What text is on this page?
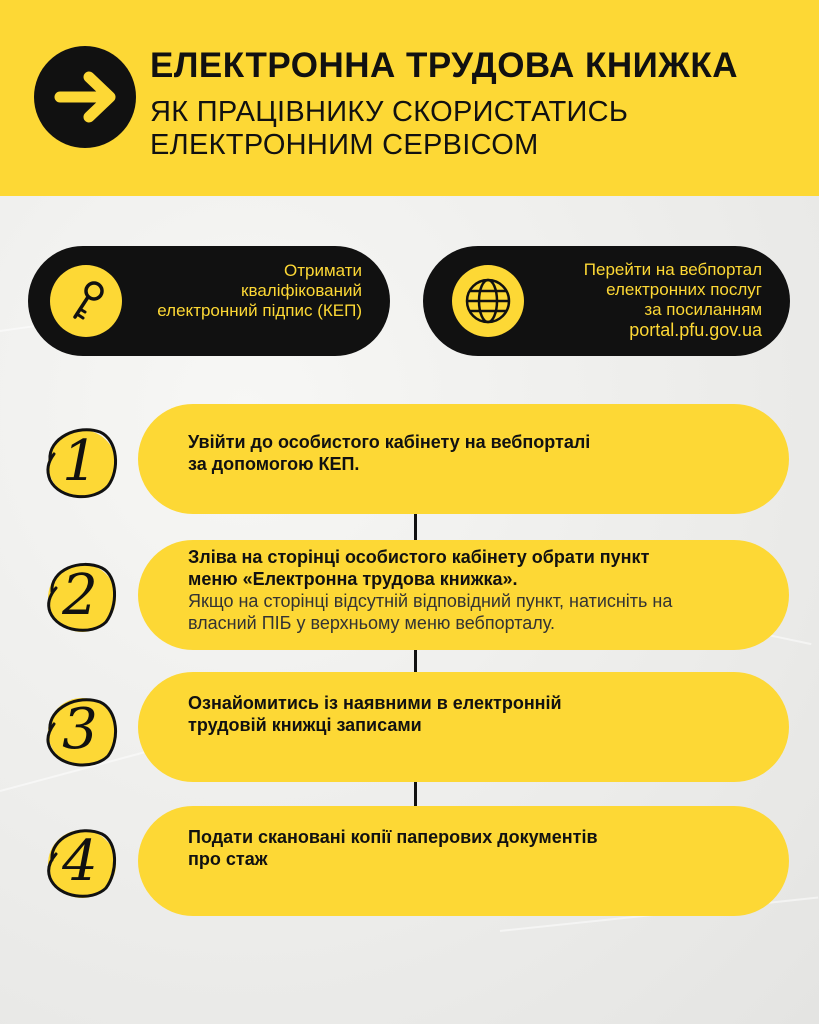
ЕЛЕКТРОННА ТРУДОВА КНИЖКА
ЯК ПРАЦІВНИКУ СКОРИСТАТИСЬ
ЕЛЕКТРОННИМ СЕРВІСОМ
Отримати
кваліфікований
електронний підпис (КЕП)
Перейти на вебпортал
електронних послуг
за посиланням
portal.pfu.gov.ua
Увійти до особистого кабінету на вебпорталі
за допомогою КЕП.
1
Зліва на сторінці особистого кабінету обрати пункт
меню «Електронна трудова книжка».
Якщо на сторінці відсутній відповідний пункт, натисніть на
власний ПІБ у верхньому меню вебпорталу.
2
Ознайомитись із наявними в електронній
трудовій книжці записами
3
Подати скановані копії паперових документів
про стаж
4
